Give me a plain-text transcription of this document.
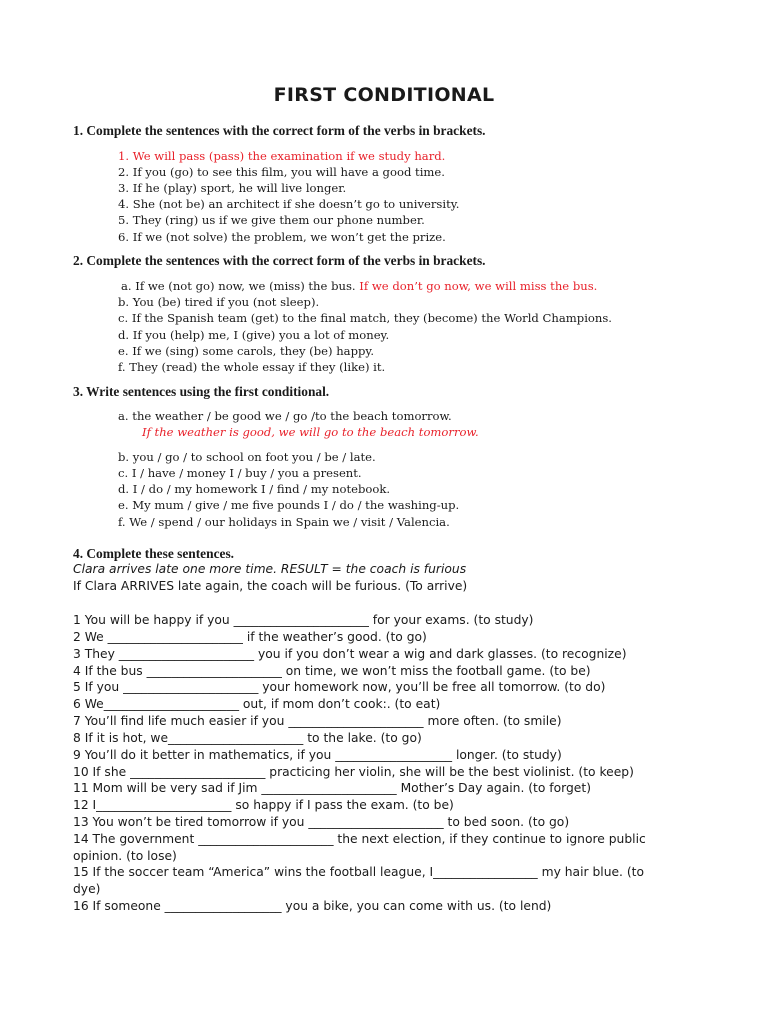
FIRST CONDITIONAL
1. Complete the sentences with the correct form of the verbs in brackets.
1. We will pass (pass) the examination if we study hard.
2. If you (go) to see this film, you will have a good time.
3. If he (play) sport, he will live longer.
4. She (not be) an architect if she doesn’t go to university.
5. They (ring) us if we give them our phone number.
6. If we (not solve) the problem, we won’t get the prize.
2. Complete the sentences with the correct form of the verbs in brackets.
a. If we (not go) now, we (miss) the bus. If we don’t go now, we will miss the bus.
b. You (be) tired if you (not sleep).
c. If the Spanish team (get) to the final match, they (become) the World Champions.
d. If you (help) me, I (give) you a lot of money.
e. If we (sing) some carols, they (be) happy.
f. They (read) the whole essay if they (like) it.
3. Write sentences using the first conditional.
a. the weather / be good we / go /to the beach tomorrow.
If the weather is good, we will go to the beach tomorrow.
b. you / go / to school on foot you / be / late.
c. I / have / money I / buy / you a present.
d. I / do / my homework I / find / my notebook.
e. My mum / give / me five pounds I / do / the washing-up.
f. We / spend / our holidays in Spain we / visit / Valencia.
4. Complete these sentences.
Clara arrives late one more time. RESULT = the coach is furious
If Clara ARRIVES late again, the coach will be furious. (To arrive)
1 You will be happy if you ______________________ for your exams. (to study)
2 We ______________________ if the weather’s good. (to go)
3 They ______________________ you if you don’t wear a wig and dark glasses. (to recognize)
4 If the bus ______________________ on time, we won’t miss the football game. (to be)
5 If you ______________________ your homework now, you’ll be free all tomorrow. (to do)
6 We______________________ out, if mom don’t cook:. (to eat)
7 You’ll find life much easier if you ______________________ more often. (to smile)
8 If it is hot, we______________________ to the lake. (to go)
9 You’ll do it better in mathematics, if you ___________________ longer. (to study)
10 If she ______________________ practicing her violin, she will be the best violinist. (to keep)
11 Mom will be very sad if Jim ______________________ Mother’s Day again. (to forget)
12 I______________________ so happy if I pass the exam. (to be)
13 You won’t be tired tomorrow if you ______________________ to bed soon. (to go)
14 The government ______________________ the next election, if they continue to ignore public
opinion. (to lose)
15 If the soccer team “America” wins the football league, I_________________ my hair blue. (to
dye)
16 If someone ___________________ you a bike, you can come with us. (to lend)
